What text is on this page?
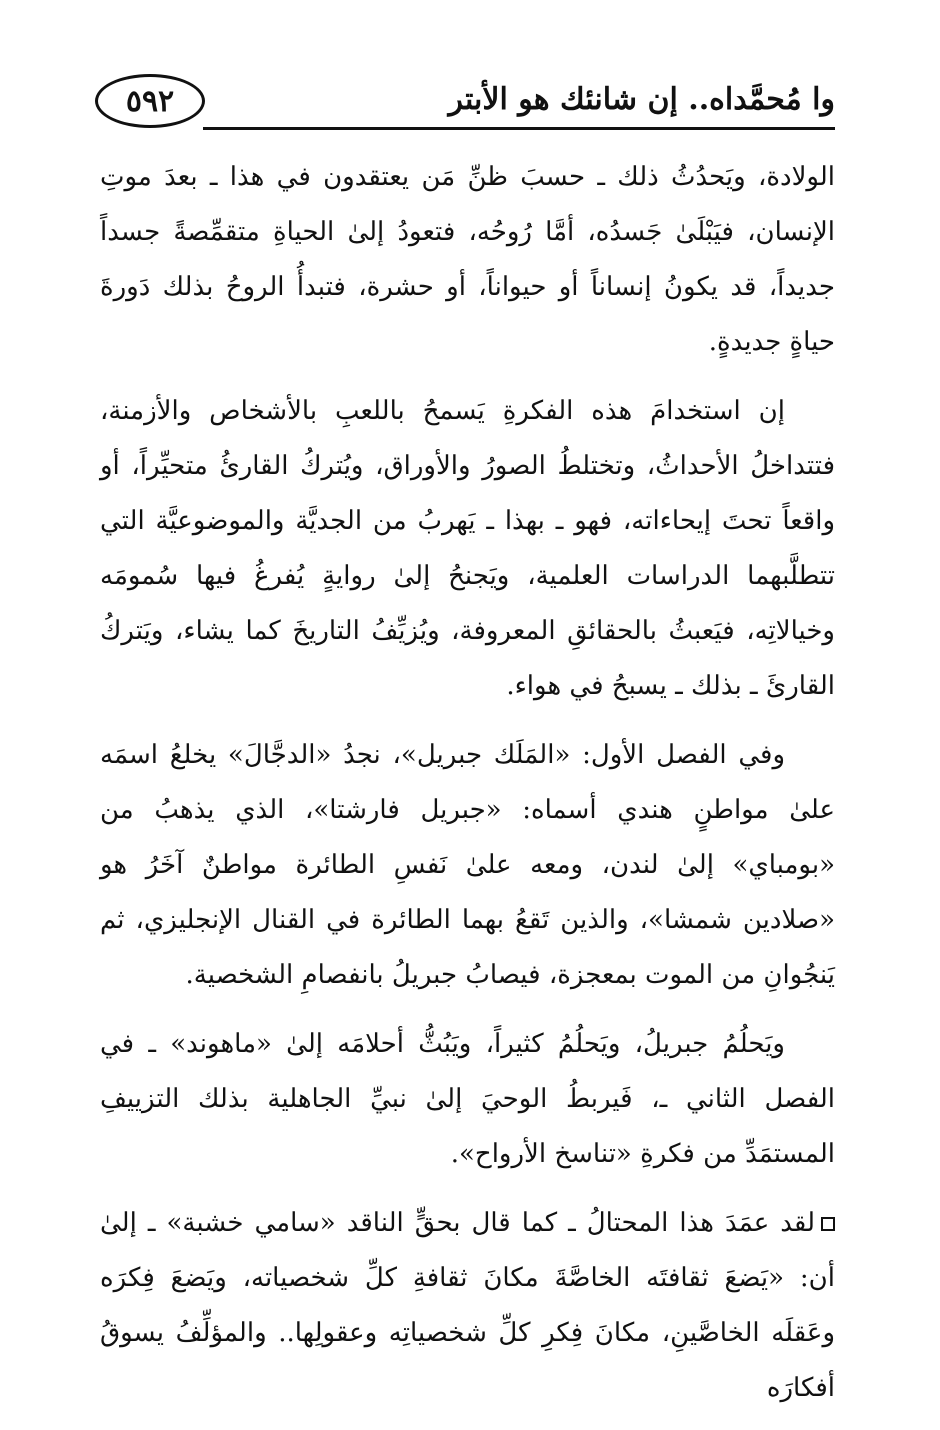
٥٩٢	وا مُحمَّداه.. إن شانئك هو الأبتر

الولادة، ويَحدُثُ ذلك ـ حسبَ ظنِّ مَن يعتقدون في هذا ـ بعدَ موتِ الإنسان، فيَبْلَىٰ جَسدُه، أمَّا رُوحُه، فتعودُ إلىٰ الحياةِ متقمِّصةً جسداً جديداً، قد يكونُ إنساناً أو حيواناً، أو حشرة، فتبدأُ الروحُ بذلك دَورةَ حياةٍ جديدةٍ.

إن استخدامَ هذه الفكرةِ يَسمحُ باللعبِ بالأشخاص والأزمنة، فتتداخلُ الأحداثُ، وتختلطُ الصورُ والأوراق، ويُتركُ القارئُ متحيِّراً، أو واقعاً تحتَ إيحاءاته، فهو ـ بهذا ـ يَهربُ من الجديَّة والموضوعيَّة التي تتطلَّبهما الدراسات العلمية، ويَجنحُ إلىٰ روايةٍ يُفرغُ فيها سُمومَه وخيالاتِه، فيَعبثُ بالحقائقِ المعروفة، ويُزيِّفُ التاريخَ كما يشاء، ويَتركُ القارئَ ـ بذلك ـ يسبحُ في هواء.

وفي الفصل الأول: «المَلَك جبريل»، نجدُ «الدجَّالَ» يخلعُ اسمَه علىٰ مواطنٍ هندي أسماه: «جبريل فارشتا»، الذي يذهبُ من «بومباي» إلىٰ لندن، ومعه علىٰ نَفسِ الطائرة مواطنٌ آخَرُ هو «صلادين شمشا»، والذين تَقعُ بهما الطائرة في القنال الإنجليزي، ثم يَنجُوانِ من الموت بمعجزة، فيصابُ جبريلُ بانفصامِ الشخصية.

ويَحلُمُ جبريلُ، ويَحلُمُ كثيراً، ويَبُثُّ أحلامَه إلىٰ «ماهوند» ـ في الفصل الثاني ـ، فَيربطُ الوحيَ إلىٰ نبيِّ الجاهلية بذلك التزييفِ المستمَدِّ من فكرةِ «تناسخ الأرواح».

لقد عمَدَ هذا المحتالُ ـ كما قال بحقٍّ الناقد «سامي خشبة» ـ إلىٰ أن: «يَضعَ ثقافتَه الخاصَّةَ مكانَ ثقافةِ كلِّ شخصياته، ويَضعَ فِكرَه وعَقلَه الخاصَّينِ، مكانَ فِكرِ كلِّ شخصياتِه وعقولِها.. والمؤلِّفُ يسوقُ أفكارَه
